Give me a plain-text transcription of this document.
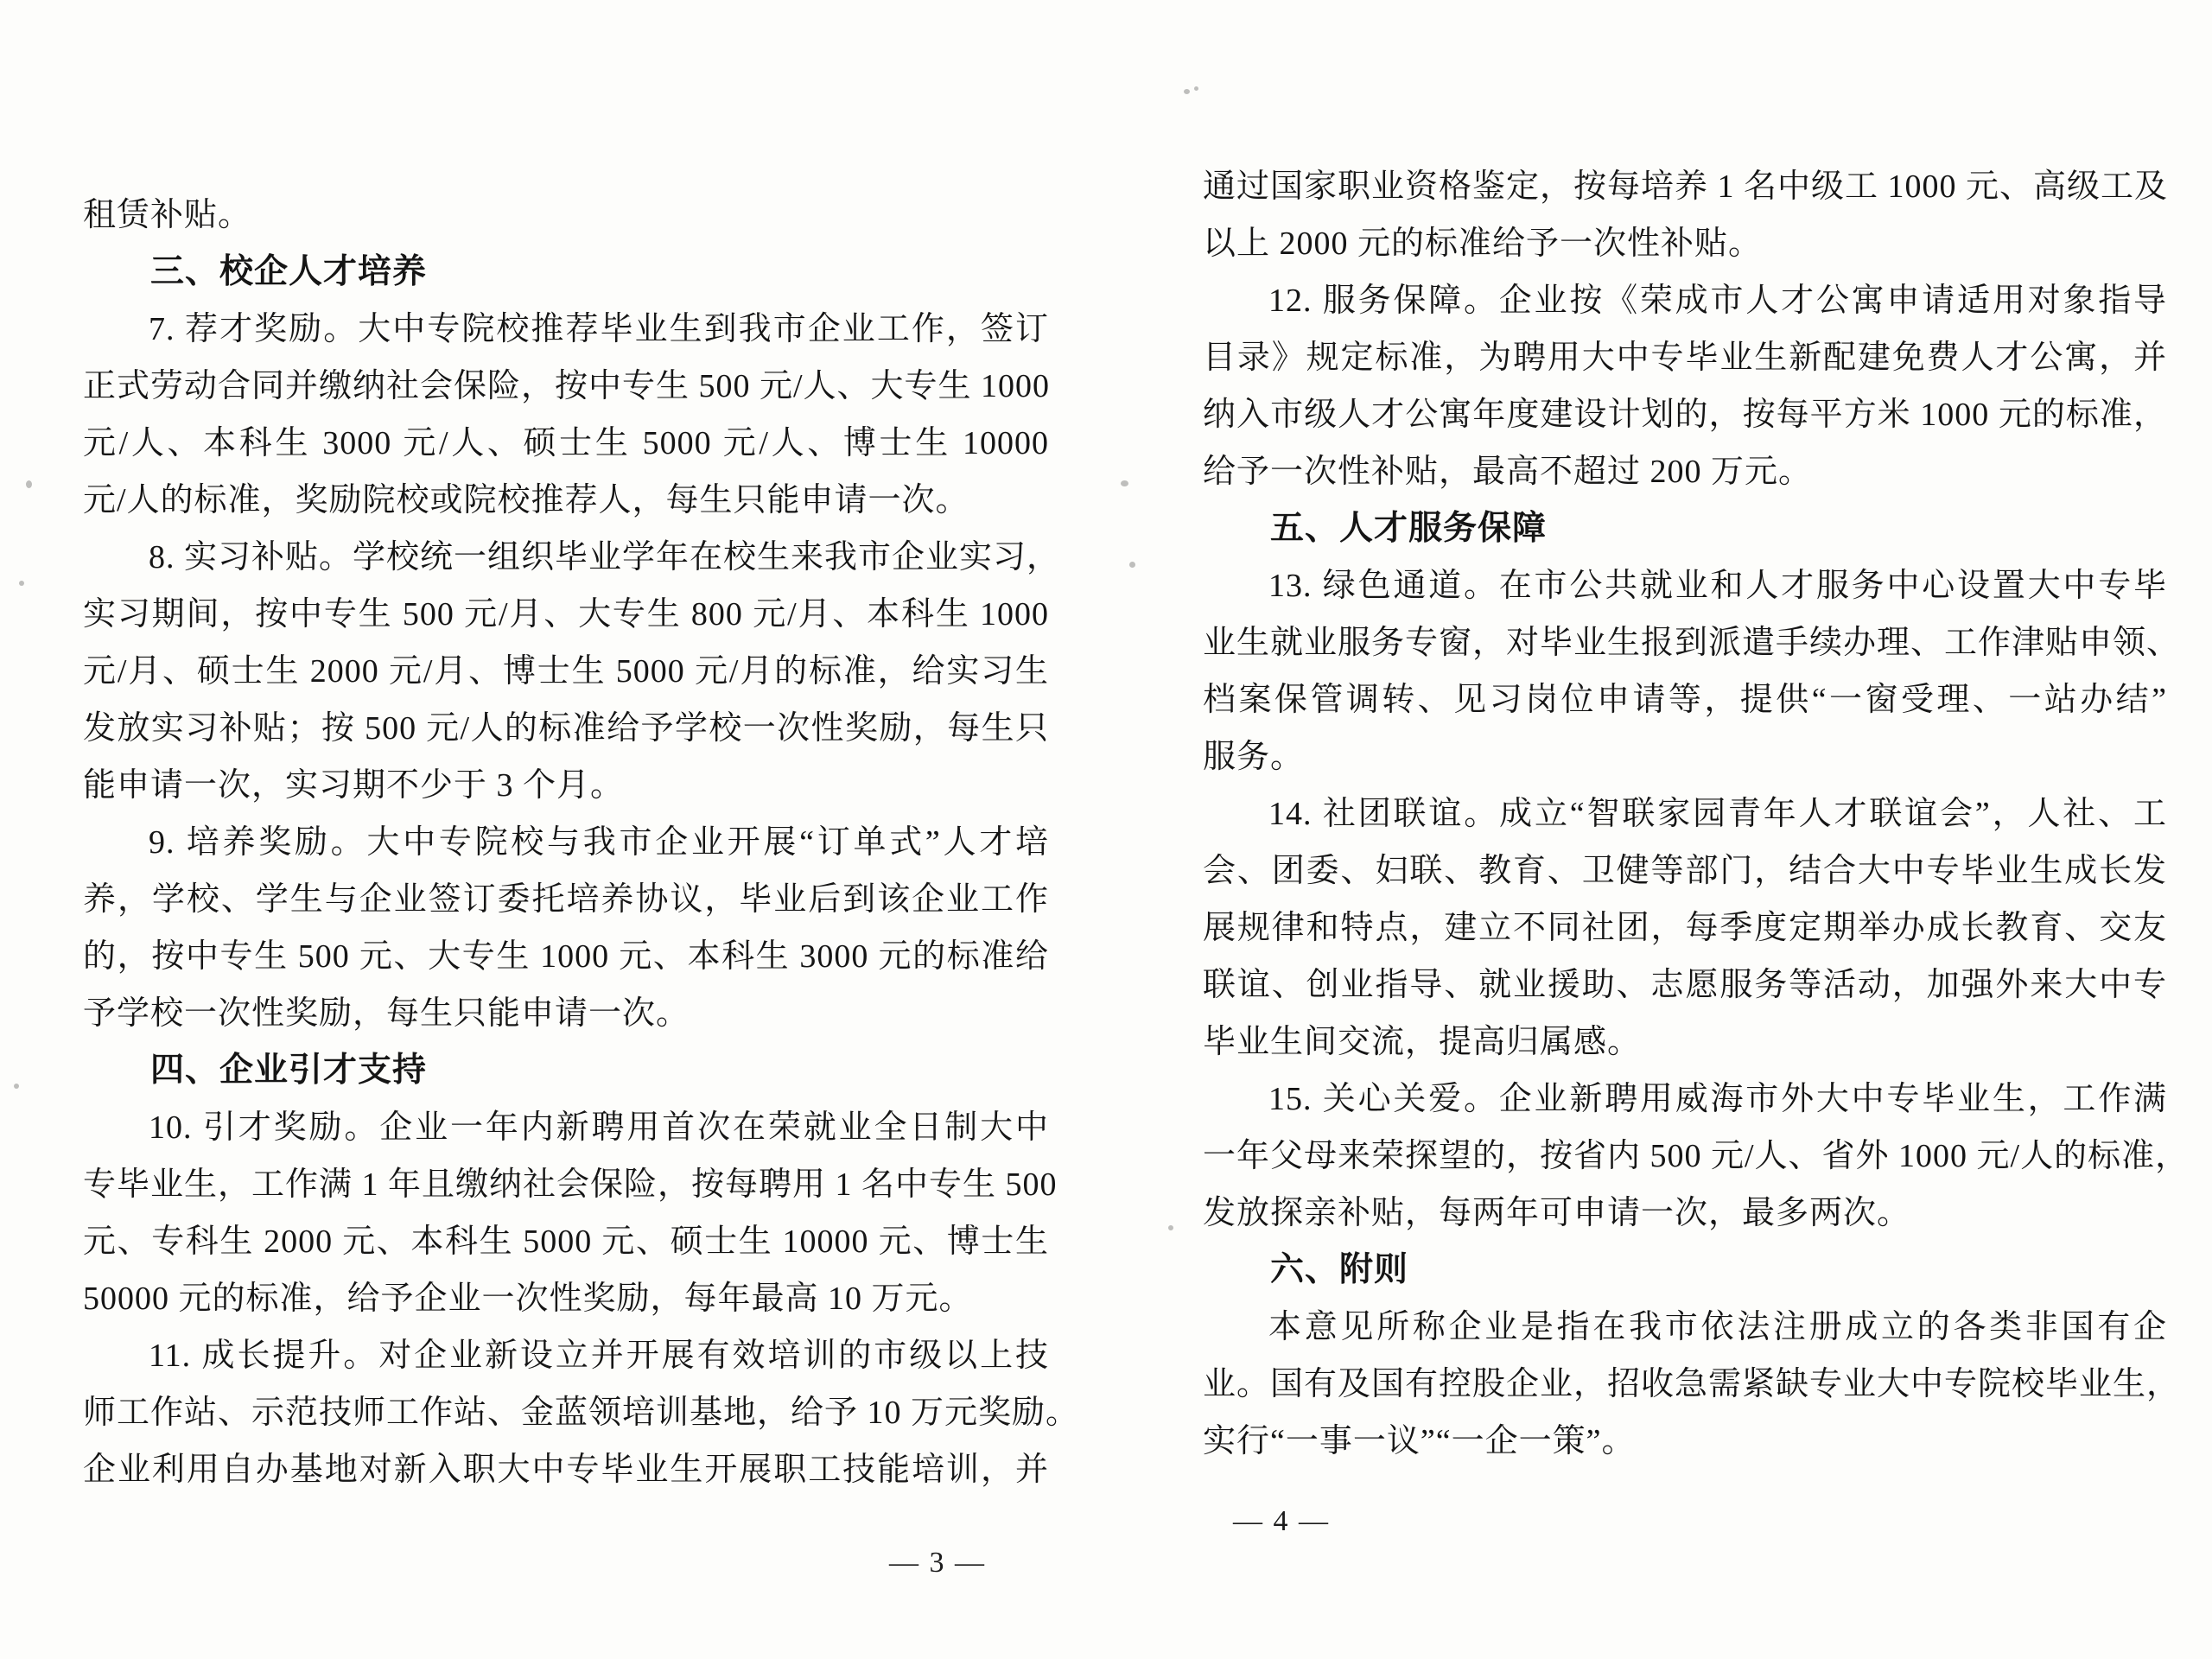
租赁补贴。
三、校企人才培养
7. 荐才奖励。大中专院校推荐毕业生到我市企业工作，签订
正式劳动合同并缴纳社会保险，按中专生 500 元/人、大专生 1000
元/人、本科生 3000 元/人、硕士生 5000 元/人、博士生 10000
元/人的标准，奖励院校或院校推荐人，每生只能申请一次。
8. 实习补贴。学校统一组织毕业学年在校生来我市企业实习，
实习期间，按中专生 500 元/月、大专生 800 元/月、本科生 1000
元/月、硕士生 2000 元/月、博士生 5000 元/月的标准，给实习生
发放实习补贴；按 500 元/人的标准给予学校一次性奖励，每生只
能申请一次，实习期不少于 3 个月。
9. 培养奖励。大中专院校与我市企业开展“订单式”人才培
养，学校、学生与企业签订委托培养协议，毕业后到该企业工作
的，按中专生 500 元、大专生 1000 元、本科生 3000 元的标准给
予学校一次性奖励，每生只能申请一次。
四、企业引才支持
10. 引才奖励。企业一年内新聘用首次在荣就业全日制大中
专毕业生，工作满 1 年且缴纳社会保险，按每聘用 1 名中专生 500
元、专科生 2000 元、本科生 5000 元、硕士生 10000 元、博士生
50000 元的标准，给予企业一次性奖励，每年最高 10 万元。
11. 成长提升。对企业新设立并开展有效培训的市级以上技
师工作站、示范技师工作站、金蓝领培训基地，给予 10 万元奖励。
企业利用自办基地对新入职大中专毕业生开展职工技能培训，并
通过国家职业资格鉴定，按每培养 1 名中级工 1000 元、高级工及
以上 2000 元的标准给予一次性补贴。
12. 服务保障。企业按《荣成市人才公寓申请适用对象指导
目录》规定标准，为聘用大中专毕业生新配建免费人才公寓，并
纳入市级人才公寓年度建设计划的，按每平方米 1000 元的标准，
给予一次性补贴，最高不超过 200 万元。
五、人才服务保障
13. 绿色通道。在市公共就业和人才服务中心设置大中专毕
业生就业服务专窗，对毕业生报到派遣手续办理、工作津贴申领、
档案保管调转、见习岗位申请等，提供“一窗受理、一站办结”
服务。
14. 社团联谊。成立“智联家园青年人才联谊会”，人社、工
会、团委、妇联、教育、卫健等部门，结合大中专毕业生成长发
展规律和特点，建立不同社团，每季度定期举办成长教育、交友
联谊、创业指导、就业援助、志愿服务等活动，加强外来大中专
毕业生间交流，提高归属感。
15. 关心关爱。企业新聘用威海市外大中专毕业生，工作满
一年父母来荣探望的，按省内 500 元/人、省外 1000 元/人的标准，
发放探亲补贴，每两年可申请一次，最多两次。
六、附则
本意见所称企业是指在我市依法注册成立的各类非国有企
业。国有及国有控股企业，招收急需紧缺专业大中专院校毕业生，
实行“一事一议”“一企一策”。
— 3 —
— 4 —
